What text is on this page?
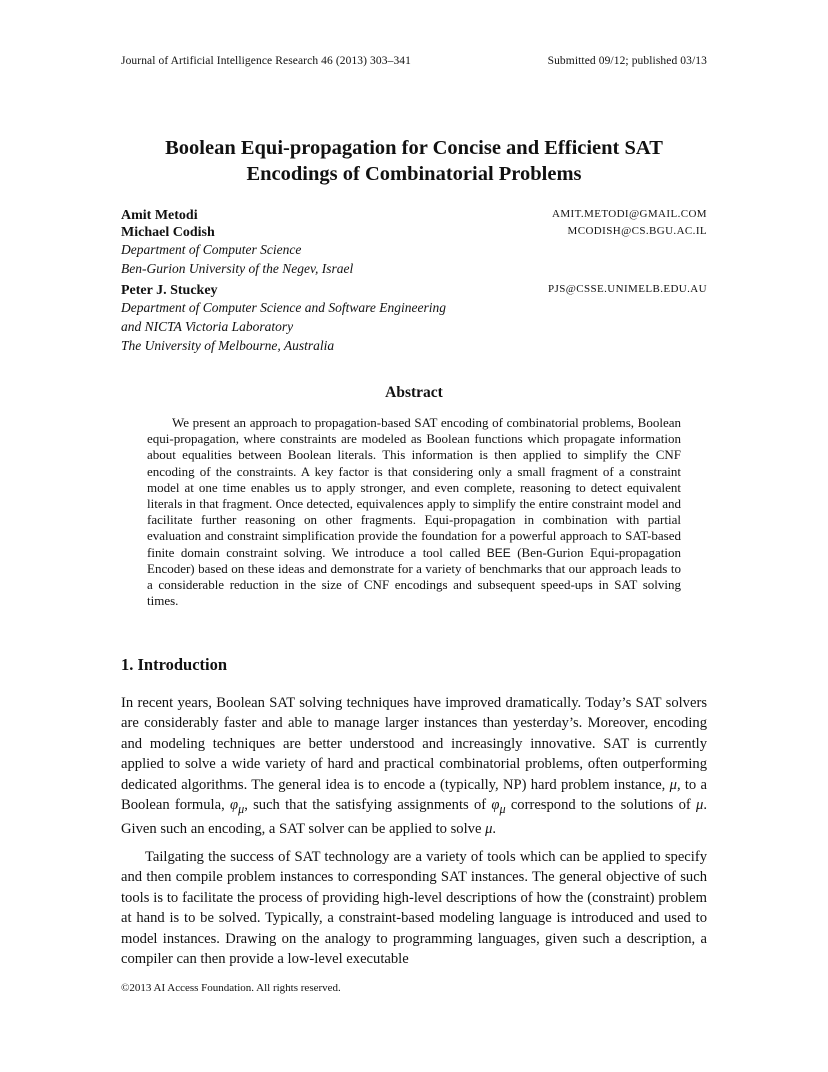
Journal of Artificial Intelligence Research 46 (2013) 303–341	Submitted 09/12; published 03/13
Boolean Equi-propagation for Concise and Efficient SAT
Encodings of Combinatorial Problems
Amit Metodi	AMIT.METODI@GMAIL.COM
Michael Codish	MCODISH@CS.BGU.AC.IL
Department of Computer Science
Ben-Gurion University of the Negev, Israel
Peter J. Stuckey	PJS@CSSE.UNIMELB.EDU.AU
Department of Computer Science and Software Engineering
and NICTA Victoria Laboratory
The University of Melbourne, Australia
Abstract
We present an approach to propagation-based SAT encoding of combinatorial problems, Boolean equi-propagation, where constraints are modeled as Boolean functions which propagate information about equalities between Boolean literals. This information is then applied to simplify the CNF encoding of the constraints. A key factor is that considering only a small fragment of a constraint model at one time enables us to apply stronger, and even complete, reasoning to detect equivalent literals in that fragment. Once detected, equivalences apply to simplify the entire constraint model and facilitate further reasoning on other fragments. Equi-propagation in combination with partial evaluation and constraint simplification provide the foundation for a powerful approach to SAT-based finite domain constraint solving. We introduce a tool called BEE (Ben-Gurion Equi-propagation Encoder) based on these ideas and demonstrate for a variety of benchmarks that our approach leads to a considerable reduction in the size of CNF encodings and subsequent speed-ups in SAT solving times.
1. Introduction
In recent years, Boolean SAT solving techniques have improved dramatically. Today’s SAT solvers are considerably faster and able to manage larger instances than yesterday’s. Moreover, encoding and modeling techniques are better understood and increasingly innovative. SAT is currently applied to solve a wide variety of hard and practical combinatorial problems, often outperforming dedicated algorithms. The general idea is to encode a (typically, NP) hard problem instance, μ, to a Boolean formula, $\varphi_\mu$, such that the satisfying assignments of $\varphi_\mu$ correspond to the solutions of μ. Given such an encoding, a SAT solver can be applied to solve μ.
Tailgating the success of SAT technology are a variety of tools which can be applied to specify and then compile problem instances to corresponding SAT instances. The general objective of such tools is to facilitate the process of providing high-level descriptions of how the (constraint) problem at hand is to be solved. Typically, a constraint-based modeling language is introduced and used to model instances. Drawing on the analogy to programming languages, given such a description, a compiler can then provide a low-level executable
©2013 AI Access Foundation. All rights reserved.
